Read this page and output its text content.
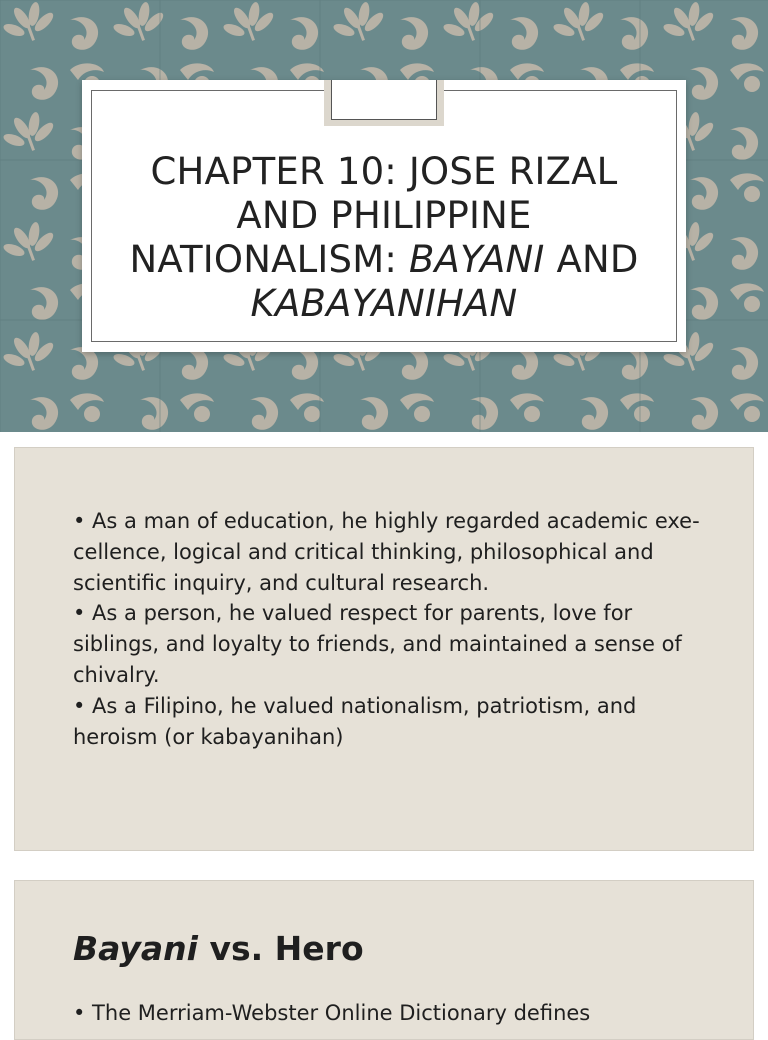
CHAPTER 10: JOSE RIZAL
AND PHILIPPINE
NATIONALISM: BAYANI AND
KABAYANIHAN

• As a man of education, he highly regarded academic execellence, logical and critical thinking, philosophical and scientific inquiry, and cultural research.

• As a person, he valued respect for parents, love for siblings, and loyalty to friends, and maintained a sense of chivalry.

• As a Filipino, he valued nationalism, patriotism, and heroism (or kabayanihan)

Bayani vs. Hero
• The Merriam-Webster Online Dictionary defines
